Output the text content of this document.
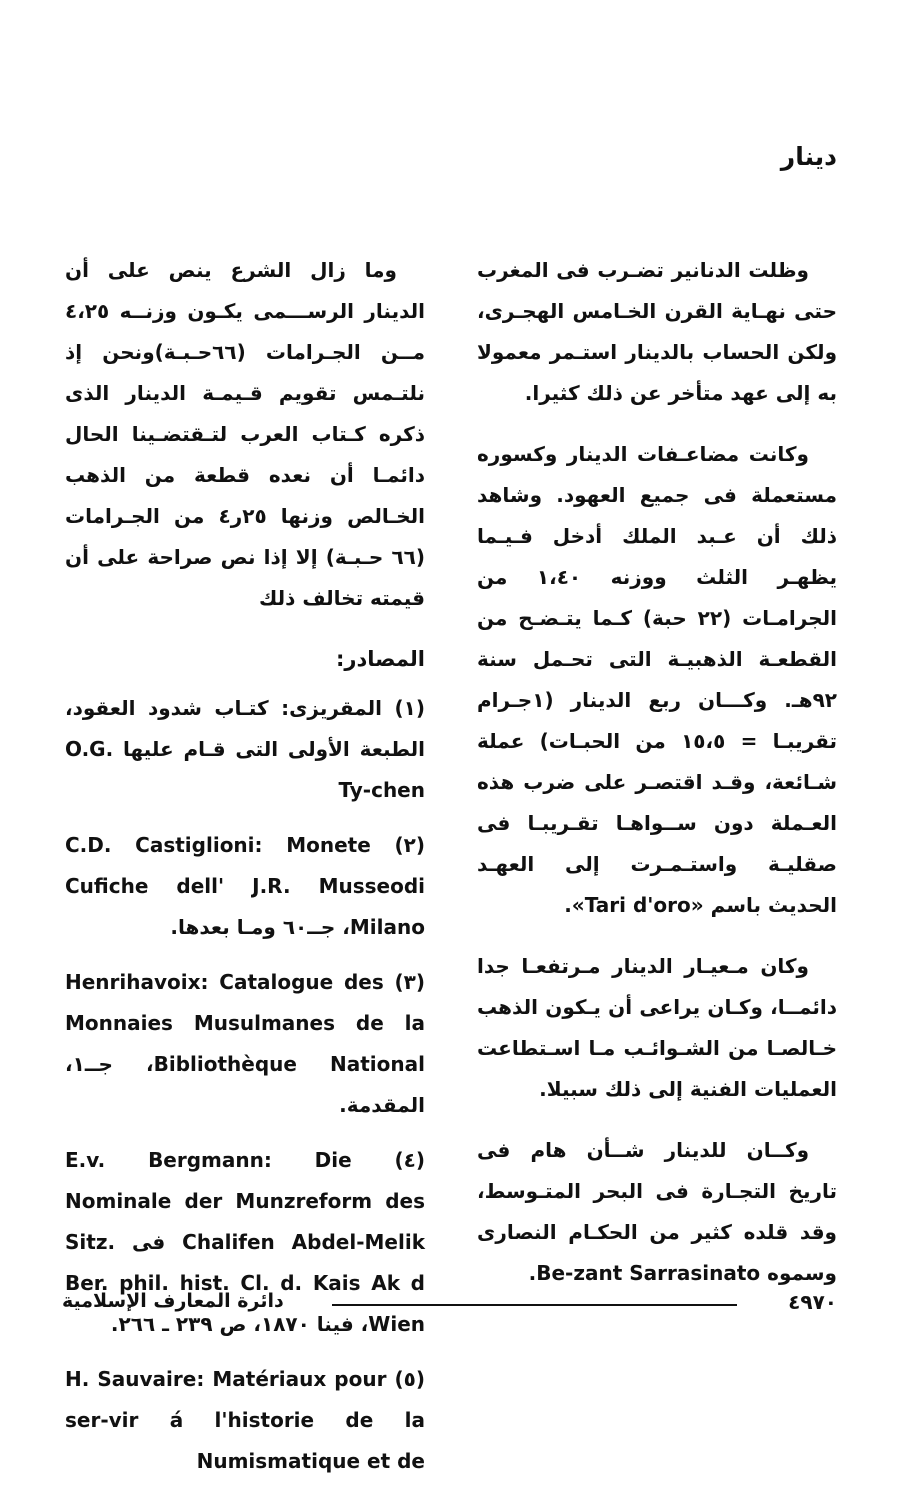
دينار

وظلت الدنانير تضـرب فى المغرب حتى نهـاية القرن الخـامس الهجـرى، ولكن الحساب بالدينار استـمر معمولا به إلى عهد متأخر عن ذلك كثيرا.

وكانت مضاعـفات الدينار وكسوره مستعملة فى جميع العهود. وشاهد ذلك أن عـبد الملك أدخل فـيـما يظهـر الثلث ووزنه ١،٤٠ من الجرامـات (٢٢ حبة) كـما يتـضـح من القطعـة الذهبيـة التى تحـمل سنة ٩٢هـ. وكـــان ربع الدينار (١جـرام تقريبـا = ١٥،٥ من الحبـات) عملة شـائعة، وقـد اقتصـر على ضرب هذه العـملة دون ســواهـا تقـريبـا فى صقليـة واستـمـرت إلى العهـد الحديث باسم «Tari d'oro».

وكان مـعيـار الدينار مـرتفعـا جدا دائمــا، وكـان يراعى أن يـكون الذهب خـالصـا من الشـوائـب مـا اسـتطاعت العمليات الفنية إلى ذلك سبيلا.

وكــان للدينار شــأن هام فى تاريخ التجـارة فى البحر المتـوسط، وقد قلده كثير من الحكـام النصارى وسموه Be-zant Sarrasinato.

وما زال الشرع ينص على أن الدينار الرســـمى يكـون وزنــه ٤،٢٥ مــن الجـرامات (٦٦حـبـة)ونحن إذ نلتـمس تقويم قـيمـة الدينار الذى ذكره كـتاب العرب لتـقتضـينا الحال دائمـا أن نعده قطعة من الذهب الخـالص وزنها ٢٥ر٤ من الجـرامات (٦٦ حـبـة) إلا إذا نص صراحة على أن قيمته تخالف ذلك

المصادر:

(١) المقريزى: كتـاب شدود العقود، الطبعة الأولى التى قـام عليها O.G. Ty-chen

(٢) C.D. Castiglioni: Monete Cufiche dell' J.R. Musseodi Milano، جــ٦٠ ومـا بعدها.

(٣) Henrihavoix: Catalogue des Monnaies Musulmanes de la Bibliothèque National، جــ١، المقدمة.

(٤) E.v. Bergmann: Die Nominale der Munzreform des Chalifen Abdel-Melik فى Sitz. Ber. phil. hist. Cl. d. Kais Ak d Wien، فينا ١٨٧٠، ص ٢٣٩ ـ ٢٦٦.

(٥) H. Sauvaire: Matériaux pour ser-vir á l'historie de la Numismatique et de

دائرة المعارف الإسلامية	٤٩٧٠
